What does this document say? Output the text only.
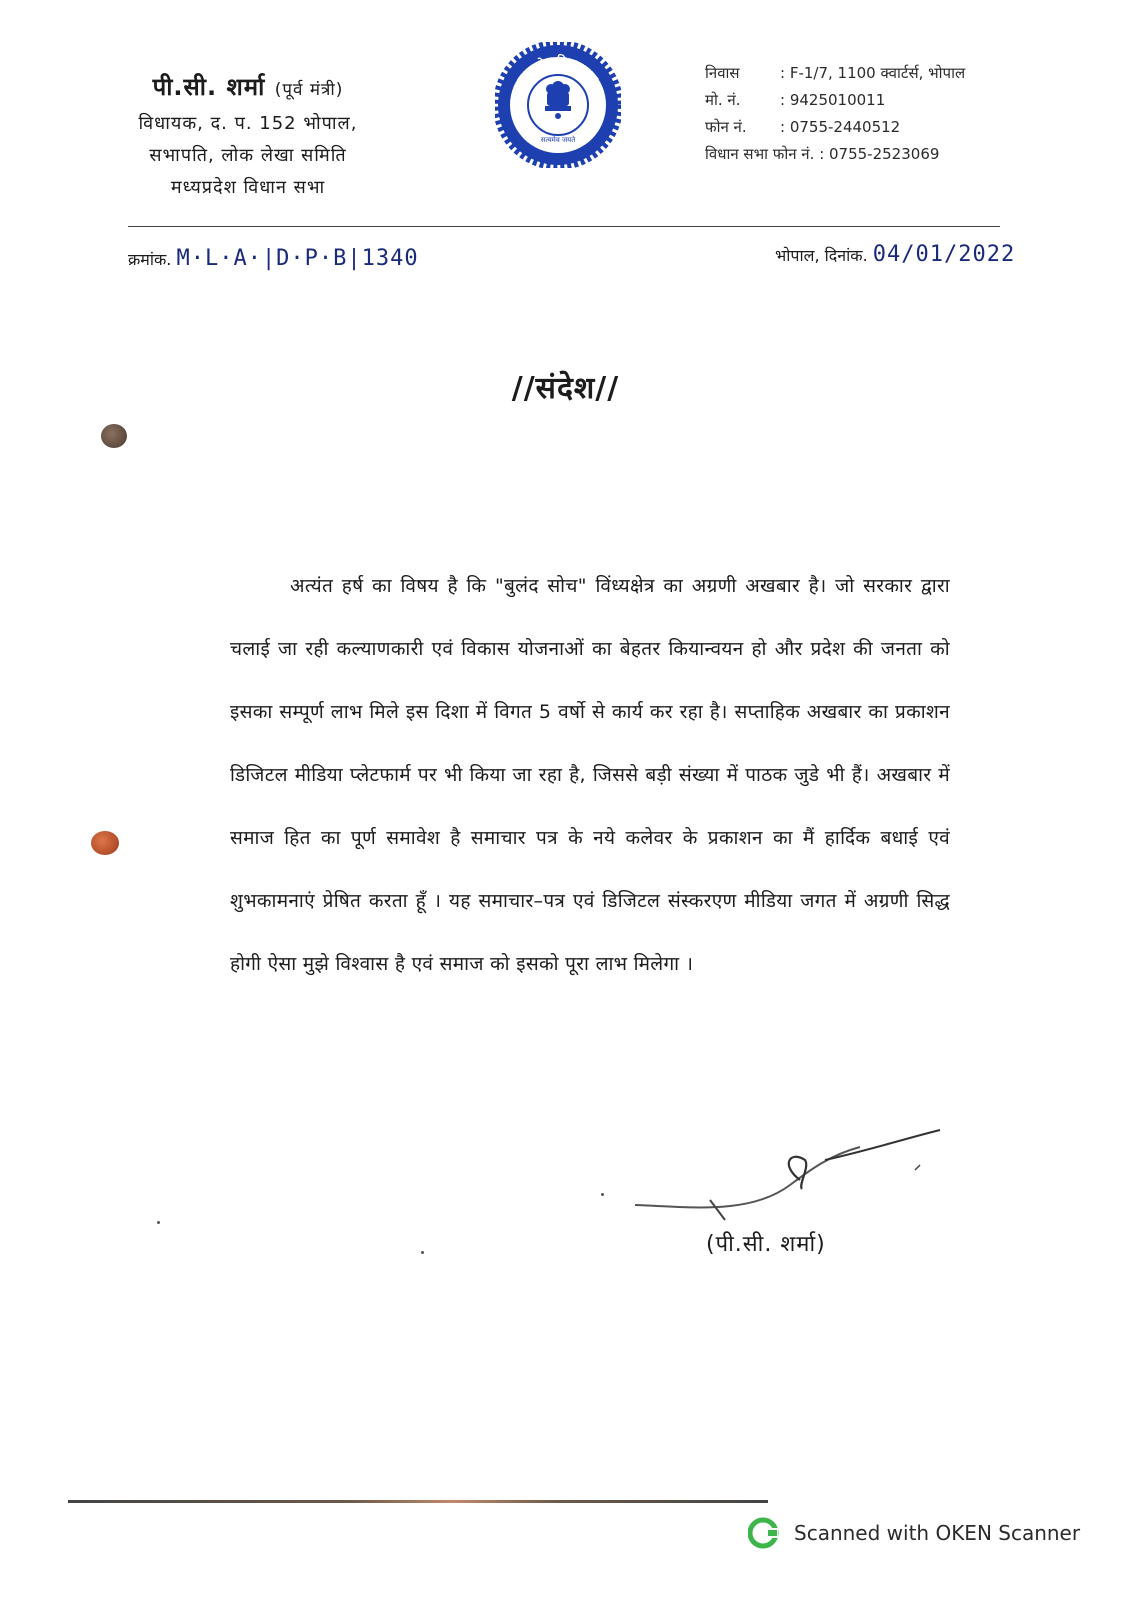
पी.सी. शर्मा (पूर्व मंत्री)
विधायक, द. प. 152 भोपाल,
सभापति, लोक लेखा समिति
मध्यप्रदेश विधान सभा
मध्यप्रदेश विधानसभा
सत्यमेव जयते
निवास	: F-1/7, 1100 क्वार्टर्स, भोपाल
मो. नं.	: 9425010011
फोन नं. : 0755-2440512
विधान सभा फोन नं. : 0755-2523069
क्रमांक. M·L·A·|D·P·B|1340	भोपाल, दिनांक. 04/01/2022
//संदेश//

अत्यंत हर्ष का विषय है कि "बुलंद सोच" विंध्यक्षेत्र का अग्रणी अखबार है। जो सरकार द्वारा चलाई जा रही कल्याणकारी एवं विकास योजनाओं का बेहतर कियान्वयन हो और प्रदेश की जनता को इसका सम्पूर्ण लाभ मिले इस दिशा में विगत 5 वर्षो से कार्य कर रहा है। सप्ताहिक अखबार का प्रकाशन डिजिटल मीडिया प्लेटफार्म पर भी किया जा रहा है, जिससे बड़ी संख्या में पाठक जुडे भी हैं। अखबार में समाज हित का पूर्ण समावेश है समाचार पत्र के नये कलेवर के प्रकाशन का मैं हार्दिक बधाई एवं शुभकामनाएं प्रेषित करता हूँ । यह समाचार–पत्र एवं डिजिटल संस्करएण मीडिया जगत में अग्रणी सिद्ध होगी ऐसा मुझे विश्वास है एवं समाज को इसको पूरा लाभ मिलेगा ।

(पी.सी. शर्मा)
Scanned with OKEN Scanner
